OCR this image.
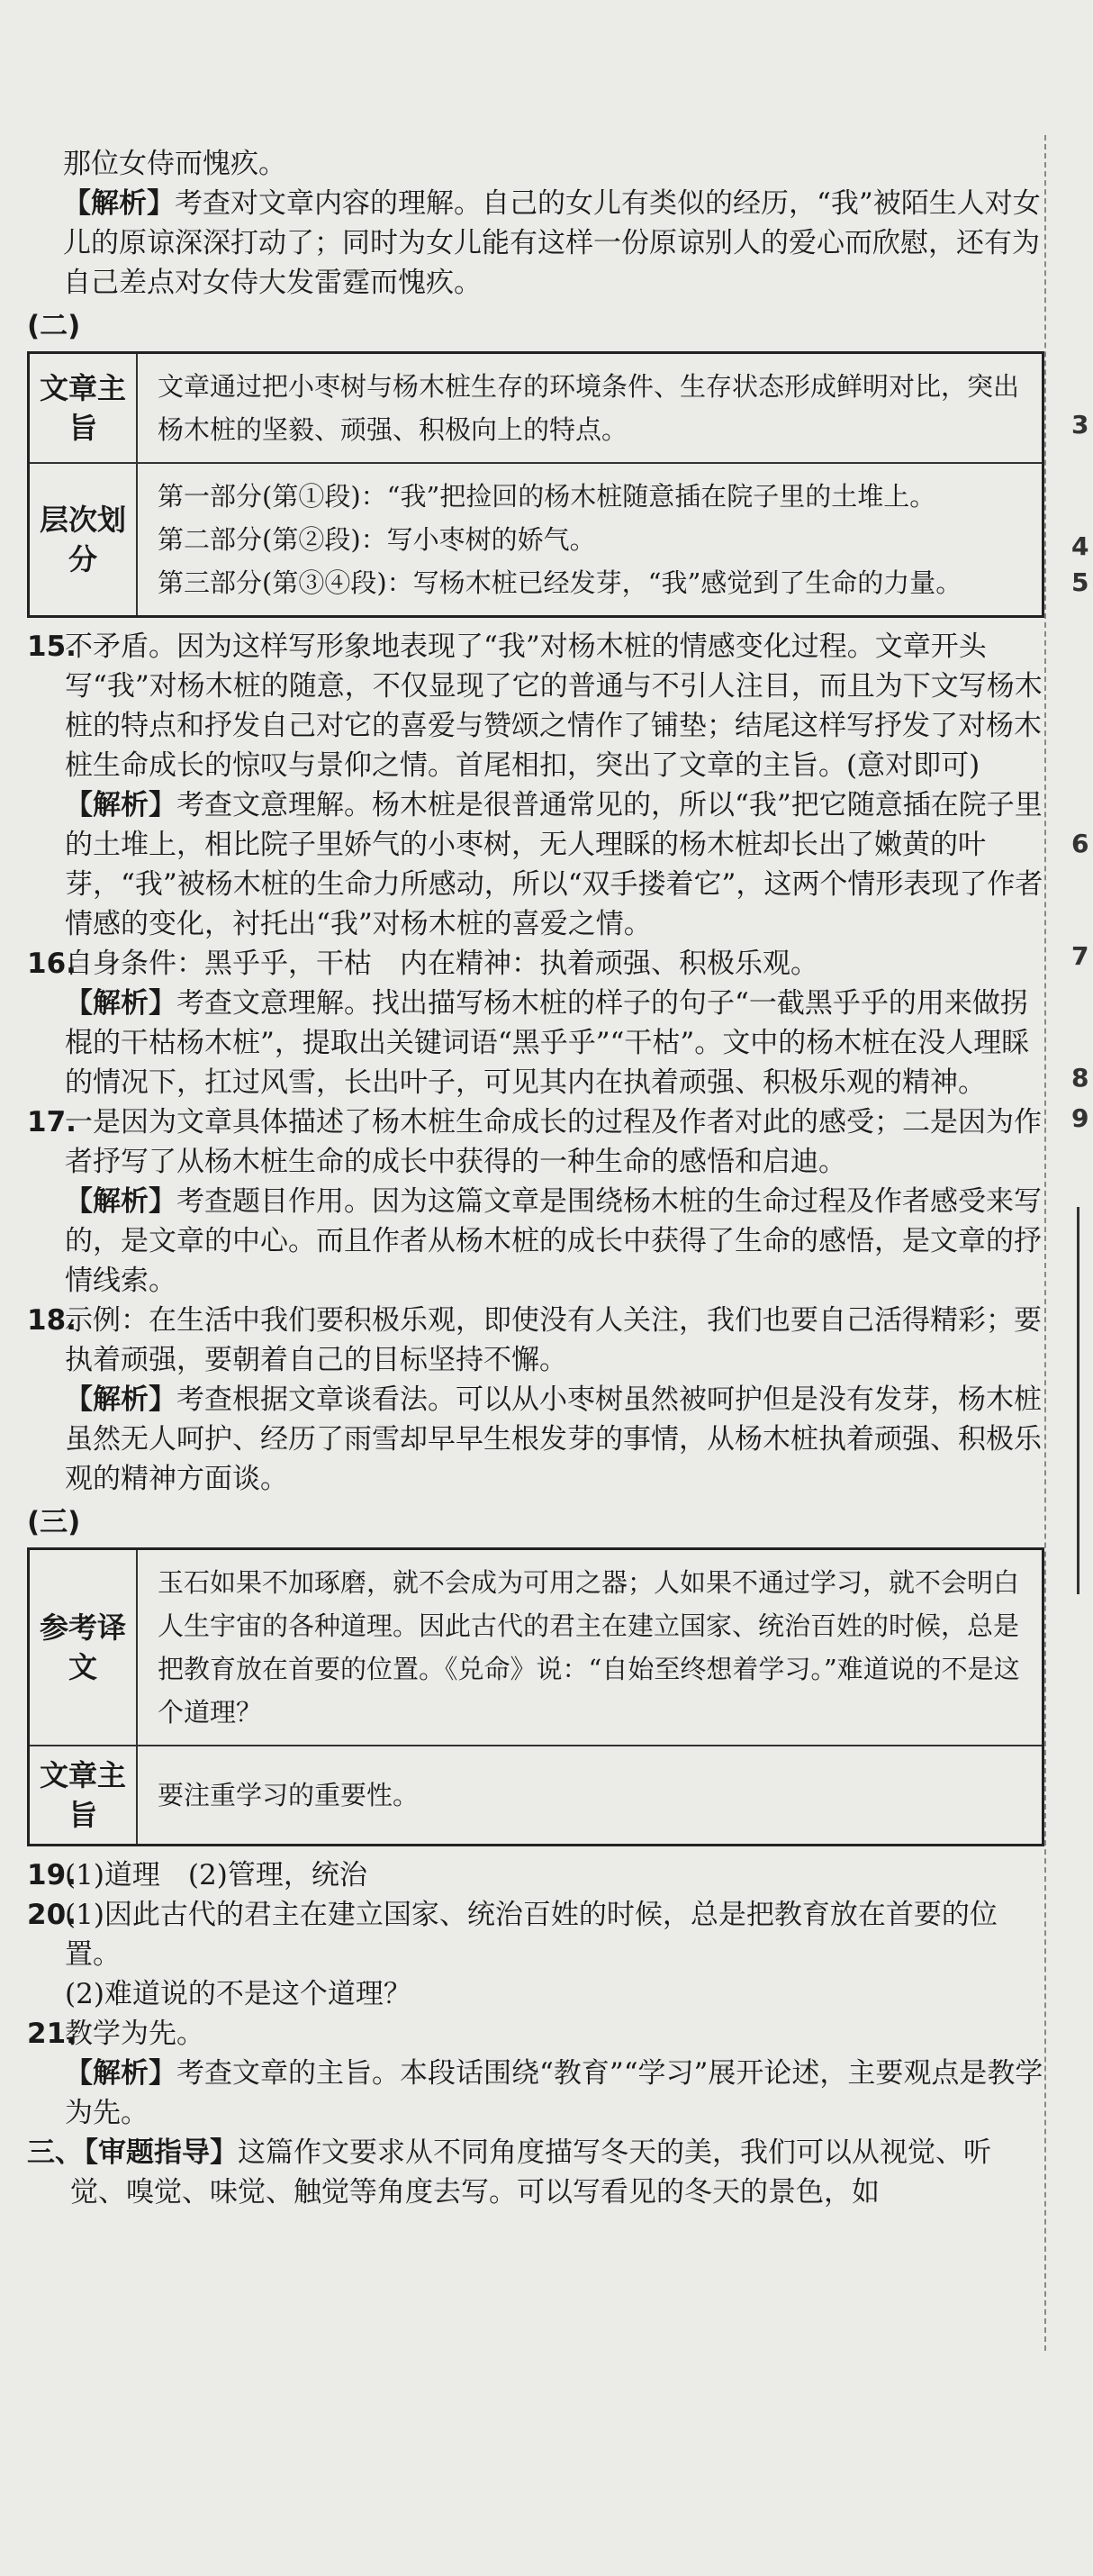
3
4
5
6
7
8
9

那位女侍而愧疚。

【解析】考查对文章内容的理解。自己的女儿有类似的经历，“我”被陌生人对女儿的原谅深深打动了；同时为女儿能有这样一份原谅别人的爱心而欣慰，还有为自己差点对女侍大发雷霆而愧疚。

(二)
文章主旨	文章通过把小枣树与杨木桩生存的环境条件、生存状态形成鲜明对比，突出杨木桩的坚毅、顽强、积极向上的特点。
层次划分	第一部分(第①段)：“我”把捡回的杨木桩随意插在院子里的土堆上。
第二部分(第②段)：写小枣树的娇气。
第三部分(第③④段)：写杨木桩已经发芽，“我”感觉到了生命的力量。
15.

不矛盾。因为这样写形象地表现了“我”对杨木桩的情感变化过程。文章开头写“我”对杨木桩的随意，不仅显现了它的普通与不引人注目，而且为下文写杨木桩的特点和抒发自己对它的喜爱与赞颂之情作了铺垫；结尾这样写抒发了对杨木桩生命成长的惊叹与景仰之情。首尾相扣，突出了文章的主旨。(意对即可)

【解析】考查文意理解。杨木桩是很普通常见的，所以“我”把它随意插在院子里的土堆上，相比院子里娇气的小枣树，无人理睬的杨木桩却长出了嫩黄的叶芽，“我”被杨木桩的生命力所感动，所以“双手搂着它”，这两个情形表现了作者情感的变化，衬托出“我”对杨木桩的喜爱之情。

16.

自身条件：黑乎乎，干枯　内在精神：执着顽强、积极乐观。

【解析】考查文意理解。找出描写杨木桩的样子的句子“一截黑乎乎的用来做拐棍的干枯杨木桩”，提取出关键词语“黑乎乎”“干枯”。文中的杨木桩在没人理睬的情况下，扛过风雪，长出叶子，可见其内在执着顽强、积极乐观的精神。

17.

一是因为文章具体描述了杨木桩生命成长的过程及作者对此的感受；二是因为作者抒写了从杨木桩生命的成长中获得的一种生命的感悟和启迪。

【解析】考查题目作用。因为这篇文章是围绕杨木桩的生命过程及作者感受来写的，是文章的中心。而且作者从杨木桩的成长中获得了生命的感悟，是文章的抒情线索。

18.

示例：在生活中我们要积极乐观，即使没有人关注，我们也要自己活得精彩；要执着顽强，要朝着自己的目标坚持不懈。

【解析】考查根据文章谈看法。可以从小枣树虽然被呵护但是没有发芽，杨木桩虽然无人呵护、经历了雨雪却早早生根发芽的事情，从杨木桩执着顽强、积极乐观的精神方面谈。

(三)
参考译文	玉石如果不加琢磨，就不会成为可用之器；人如果不通过学习，就不会明白人生宇宙的各种道理。因此古代的君主在建立国家、统治百姓的时候，总是把教育放在首要的位置。《兑命》说：“自始至终想着学习。”难道说的不是这个道理？
文章主旨	要注重学习的重要性。
19.

(1)道理　(2)管理，统治

20.

(1)因此古代的君主在建立国家、统治百姓的时候，总是把教育放在首要的位置。

(2)难道说的不是这个道理？

21.

教学为先。

【解析】考查文章的主旨。本段话围绕“教育”“学习”展开论述，主要观点是教学为先。

三、

【审题指导】这篇作文要求从不同角度描写冬天的美，我们可以从视觉、听觉、嗅觉、味觉、触觉等角度去写。可以写看见的冬天的景色，如
